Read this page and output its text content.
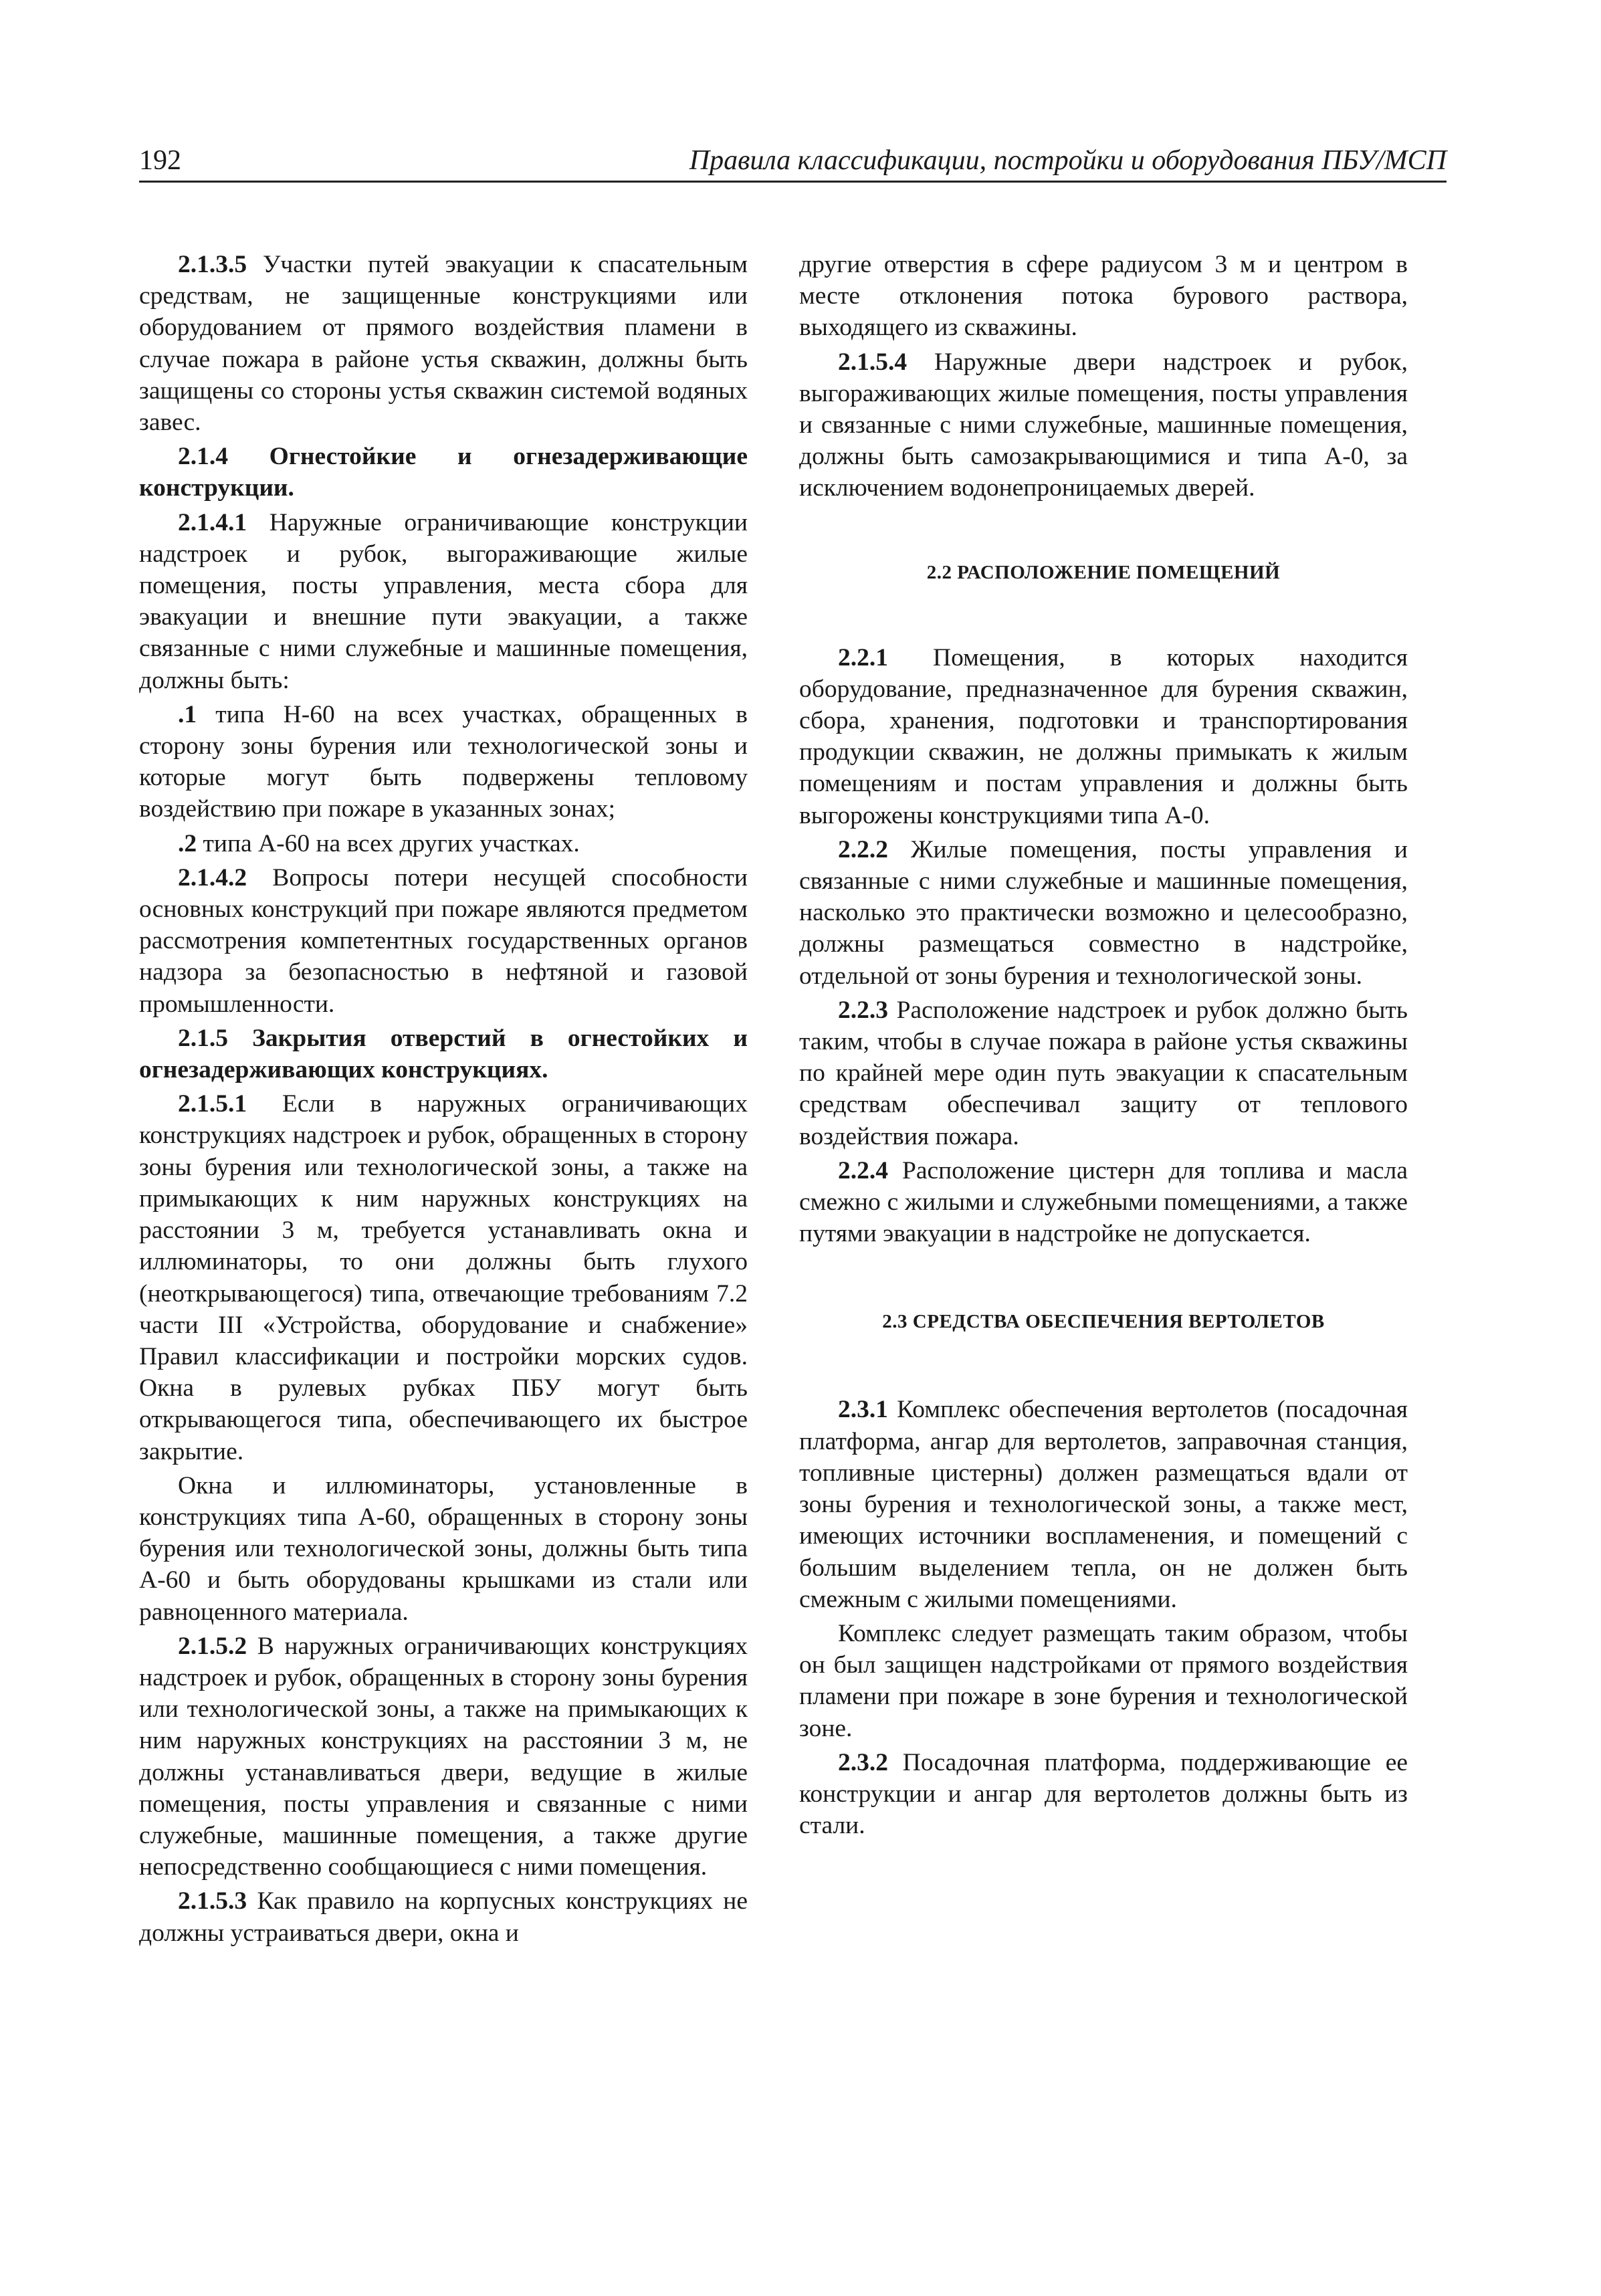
192	Правила классификации, постройки и оборудования ПБУ/МСП

2.1.3.5 Участки путей эвакуации к спасательным средствам, не защищенные конструкциями или оборудованием от прямого воздействия пламени в случае пожара в районе устья скважин, должны быть защищены со стороны устья скважин системой водяных завес.

2.1.4 Огнестойкие и огнезадерживающие конструкции.

2.1.4.1 Наружные ограничивающие конструкции надстроек и рубок, выгораживающие жилые помещения, посты управления, места сбора для эвакуации и внешние пути эвакуации, а также связанные с ними служебные и машинные помещения, должны быть:

.1 типа Н-60 на всех участках, обращенных в сторону зоны бурения или технологической зоны и которые могут быть подвержены тепловому воздействию при пожаре в указанных зонах;

.2 типа А-60 на всех других участках.

2.1.4.2 Вопросы потери несущей способности основных конструкций при пожаре являются предметом рассмотрения компетентных государственных органов надзора за безопасностью в нефтяной и газовой промышленности.

2.1.5 Закрытия отверстий в огнестойких и огнезадерживающих конструкциях.

2.1.5.1 Если в наружных ограничивающих конструкциях надстроек и рубок, обращенных в сторону зоны бурения или технологической зоны, а также на примыкающих к ним наружных конструкциях на расстоянии 3 м, требуется устанавливать окна и иллюминаторы, то они должны быть глухого (неоткрывающегося) типа, отвечающие требованиям 7.2 части III «Устройства, оборудование и снабжение» Правил классификации и постройки морских судов. Окна в рулевых рубках ПБУ могут быть открывающегося типа, обеспечивающего их быстрое закрытие.

Окна и иллюминаторы, установленные в конструкциях типа А-60, обращенных в сторону зоны бурения или технологической зоны, должны быть типа А-60 и быть оборудованы крышками из стали или равноценного материала.

2.1.5.2 В наружных ограничивающих конструкциях надстроек и рубок, обращенных в сторону зоны бурения или технологической зоны, а также на примыкающих к ним наружных конструкциях на расстоянии 3 м, не должны устанавливаться двери, ведущие в жилые помещения, посты управления и связанные с ними служебные, машинные помещения, а также другие непосредственно сообщающиеся с ними помещения.

2.1.5.3 Как правило на корпусных конструкциях не должны устраиваться двери, окна и

другие отверстия в сфере радиусом 3 м и центром в месте отклонения потока бурового раствора, выходящего из скважины.

2.1.5.4 Наружные двери надстроек и рубок, выгораживающих жилые помещения, посты управления и связанные с ними служебные, машинные помещения, должны быть самозакрывающимися и типа А-0, за исключением водонепроницаемых дверей.

2.2 РАСПОЛОЖЕНИЕ ПОМЕЩЕНИЙ

2.2.1 Помещения, в которых находится оборудование, предназначенное для бурения скважин, сбора, хранения, подготовки и транспортирования продукции скважин, не должны примыкать к жилым помещениям и постам управления и должны быть выгорожены конструкциями типа А-0.

2.2.2 Жилые помещения, посты управления и связанные с ними служебные и машинные помещения, насколько это практически возможно и целесообразно, должны размещаться совместно в надстройке, отдельной от зоны бурения и технологической зоны.

2.2.3 Расположение надстроек и рубок должно быть таким, чтобы в случае пожара в районе устья скважины по крайней мере один путь эвакуации к спасательным средствам обеспечивал защиту от теплового воздействия пожара.

2.2.4 Расположение цистерн для топлива и масла смежно с жилыми и служебными помещениями, а также путями эвакуации в надстройке не допускается.

2.3 СРЕДСТВА ОБЕСПЕЧЕНИЯ ВЕРТОЛЕТОВ

2.3.1 Комплекс обеспечения вертолетов (посадочная платформа, ангар для вертолетов, заправочная станция, топливные цистерны) должен размещаться вдали от зоны бурения и технологической зоны, а также мест, имеющих источники воспламенения, и помещений с большим выделением тепла, он не должен быть смежным с жилыми помещениями.

Комплекс следует размещать таким образом, чтобы он был защищен надстройками от прямого воздействия пламени при пожаре в зоне бурения и технологической зоне.

2.3.2 Посадочная платформа, поддерживающие ее конструкции и ангар для вертолетов должны быть из стали.
